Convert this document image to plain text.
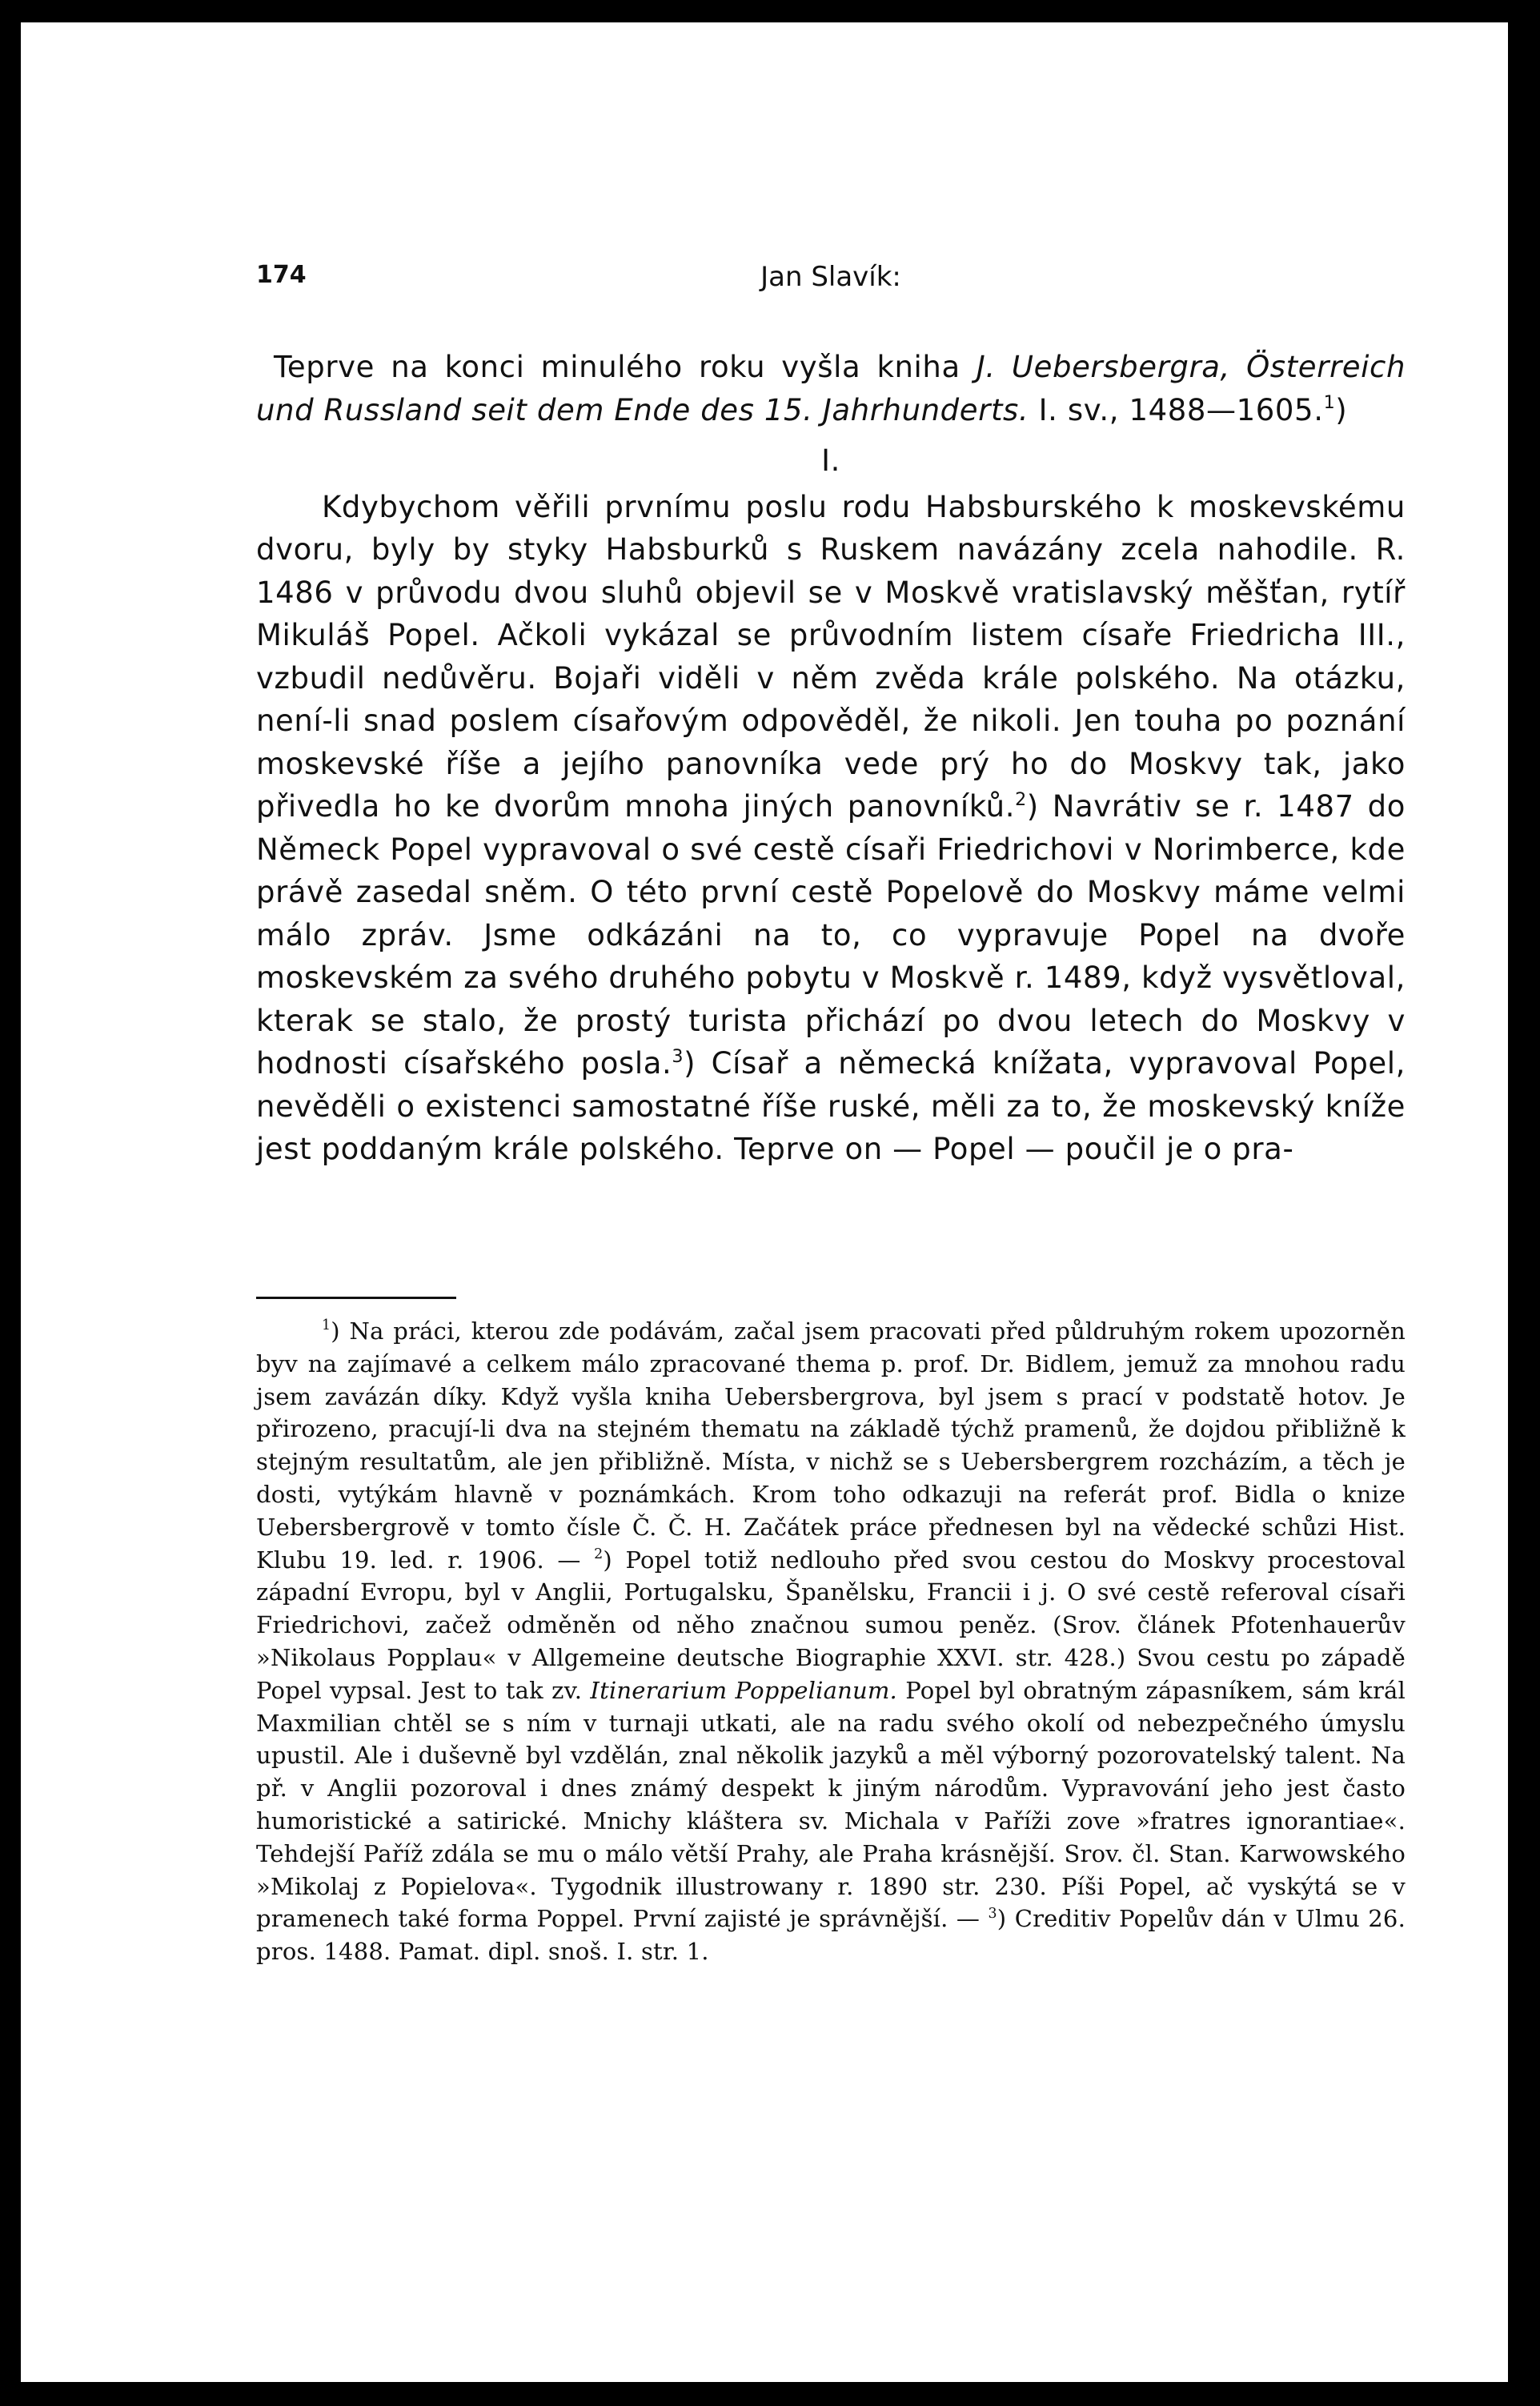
174	Jan Slavík:

Teprve na konci minulého roku vyšla kniha J. Uebersbergra, Österreich und Russland seit dem Ende des 15. Jahrhunderts. I. sv., 1488—1605.$^1$)

I.

Kdybychom věřili prvnímu poslu rodu Habsburského k moskevskému dvoru, byly by styky Habsburků s Ruskem navázány zcela nahodile. R. 1486 v průvodu dvou sluhů objevil se v Moskvě vratislavský měšťan, rytíř Mikuláš Popel. Ačkoli vykázal se průvodním listem císaře Friedricha III., vzbudil nedůvěru. Bojaři viděli v něm zvěda krále polského. Na otázku, není-li snad poslem císařovým odpověděl, že nikoli. Jen touha po poznání moskevské říše a jejího panovníka vede prý ho do Moskvy tak, jako přivedla ho ke dvorům mnoha jiných panovníků.$^2$) Navrátiv se r. 1487 do Německ Popel vypravoval o své cestě císaři Friedrichovi v Norimberce, kde právě zasedal sněm. O této první cestě Popelově do Moskvy máme velmi málo zpráv. Jsme odkázáni na to, co vypravuje Popel na dvoře moskevském za svého druhého pobytu v Moskvě r. 1489, když vysvětloval, kterak se stalo, že prostý turista přichází po dvou letech do Moskvy v hodnosti císařského posla.$^3$) Císař a německá knížata, vypravoval Popel, nevěděli o existenci samostatné říše ruské, měli za to, že moskevský kníže jest poddaným krále polského. Teprve on — Popel — poučil je o pra-

$^1$) Na práci, kterou zde podávám, začal jsem pracovati před půldruhým rokem upozorněn byv na zajímavé a celkem málo zpracované thema p. prof. Dr. Bidlem, jemuž za mnohou radu jsem zavázán díky. Když vyšla kniha Uebersbergrova, byl jsem s prací v podstatě hotov. Je přirozeno, pracují-li dva na stejném thematu na základě týchž pramenů, že dojdou přibližně k stejným resultatům, ale jen přibližně. Místa, v nichž se s Uebersbergrem rozcházím, a těch je dosti, vytýkám hlavně v poznámkách. Krom toho odkazuji na referát prof. Bidla o knize Uebersbergrově v tomto čísle Č. Č. H. Začátek práce přednesen byl na vědecké schůzi Hist. Klubu 19. led. r. 1906. — $^2$) Popel totiž nedlouho před svou cestou do Moskvy procestoval západní Evropu, byl v Anglii, Portugalsku, Španělsku, Francii i j. O své cestě referoval císaři Friedrichovi, začež odměněn od něho značnou sumou peněz. (Srov. článek Pfotenhauerův »Nikolaus Popplau« v Allgemeine deutsche Biographie XXVI. str. 428.) Svou cestu po západě Popel vypsal. Jest to tak zv. Itinerarium Poppelianum. Popel byl obratným zápasníkem, sám král Maxmilian chtěl se s ním v turnaji utkati, ale na radu svého okolí od nebezpečného úmyslu upustil. Ale i duševně byl vzdělán, znal několik jazyků a měl výborný pozorovatelský talent. Na př. v Anglii pozoroval i dnes známý despekt k jiným národům. Vypravování jeho jest často humoristické a satirické. Mnichy kláštera sv. Michala v Paříži zove »fratres ignorantiae«. Tehdejší Paříž zdála se mu o málo větší Prahy, ale Praha krásnější. Srov. čl. Stan. Karwowského »Mikolaj z Popielova«. Tygodnik illustrowany r. 1890 str. 230. Píši Popel, ač vyskýtá se v pramenech také forma Poppel. První zajisté je správnější. — $^3$) Creditiv Popelův dán v Ulmu 26. pros. 1488. Pamat. dipl. snoš. I. str. 1.
